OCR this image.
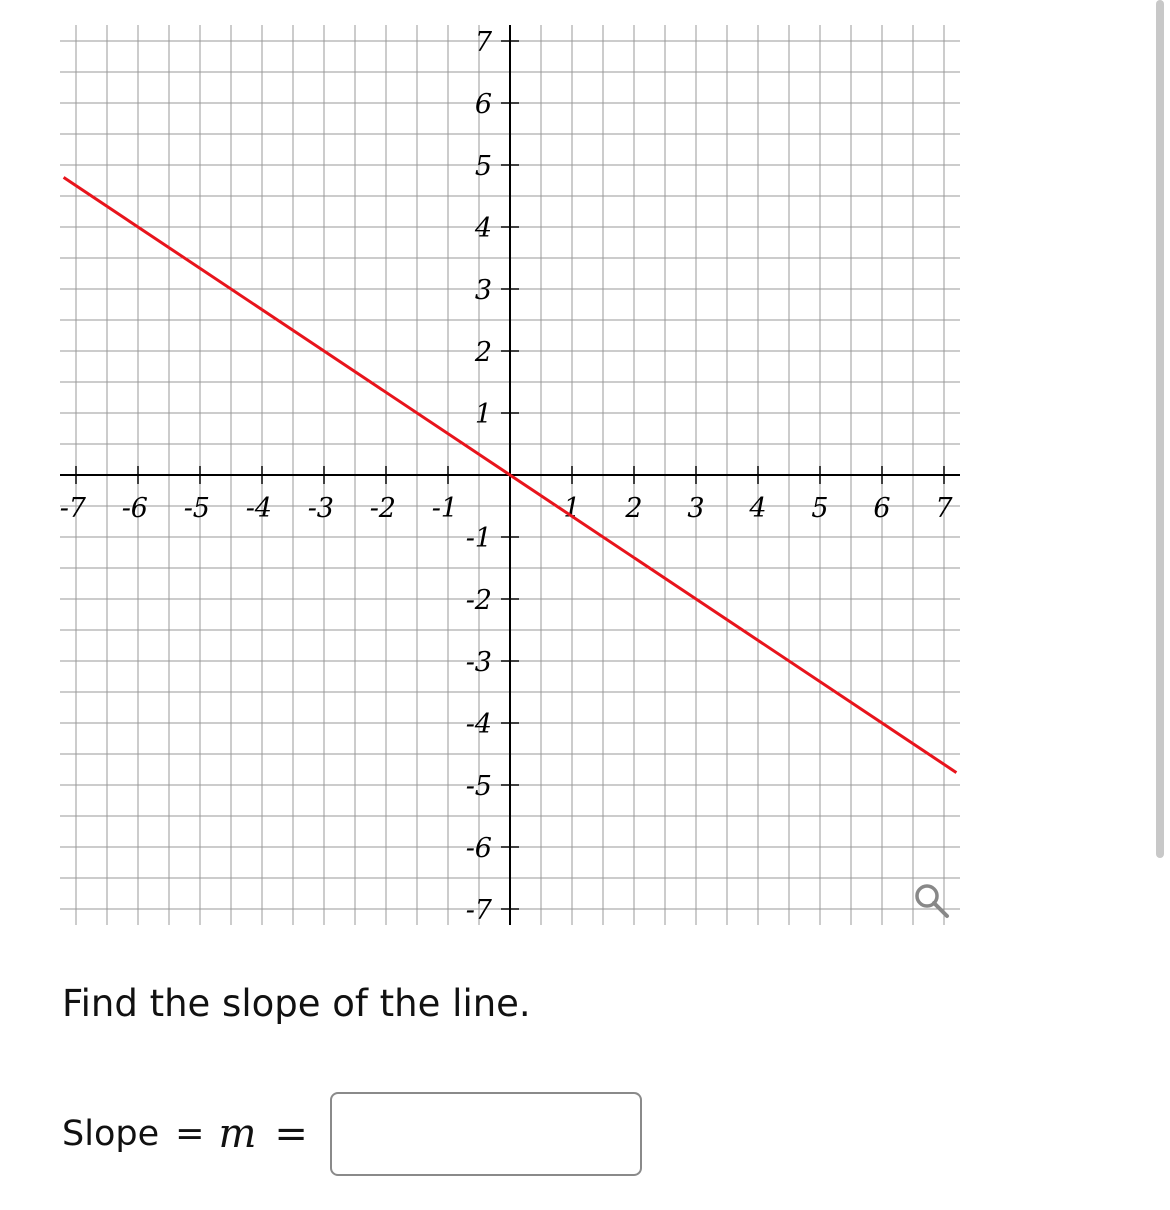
-7 -6 -5 -4 -3 -2 -1	1 2 3 4 5 6 7
7
6
5
4
3
2
1
-1
-2
-3
-4
-5
-6
-7

Find the slope of the line.

Slope = m =
